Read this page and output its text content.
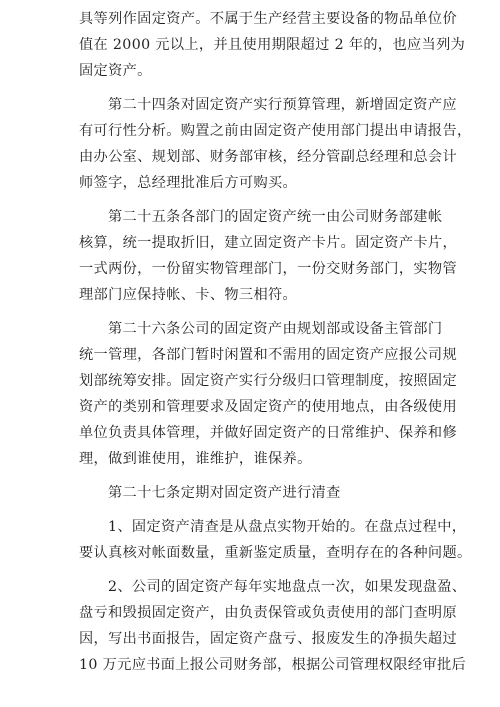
具等列作固定资产。不属于生产经营主要设备的物品单位价
值在 2000 元以上，并且使用期限超过 2 年的，也应当列为
固定资产。
第二十四条对固定资产实行预算管理，新增固定资产应
有可行性分析。购置之前由固定资产使用部门提出申请报告，
由办公室、规划部、财务部审核，经分管副总经理和总会计
师签字，总经理批准后方可购买。
第二十五条各部门的固定资产统一由公司财务部建帐
核算，统一提取折旧，建立固定资产卡片。固定资产卡片，
一式两份，一份留实物管理部门，一份交财务部门，实物管
理部门应保持帐、卡、物三相符。
第二十六条公司的固定资产由规划部或设备主管部门
统一管理，各部门暂时闲置和不需用的固定资产应报公司规
划部统筹安排。固定资产实行分级归口管理制度，按照固定
资产的类别和管理要求及固定资产的使用地点，由各级使用
单位负责具体管理，并做好固定资产的日常维护、保养和修
理，做到谁使用，谁维护，谁保养。
第二十七条定期对固定资产进行清查
1、固定资产清查是从盘点实物开始的。在盘点过程中，
要认真核对帐面数量，重新鉴定质量，查明存在的各种问题。
2、公司的固定资产每年实地盘点一次，如果发现盘盈、
盘亏和毁损固定资产，由负责保管或负责使用的部门查明原
因，写出书面报告，固定资产盘亏、报废发生的净损失超过
10 万元应书面上报公司财务部，根据公司管理权限经审批后
